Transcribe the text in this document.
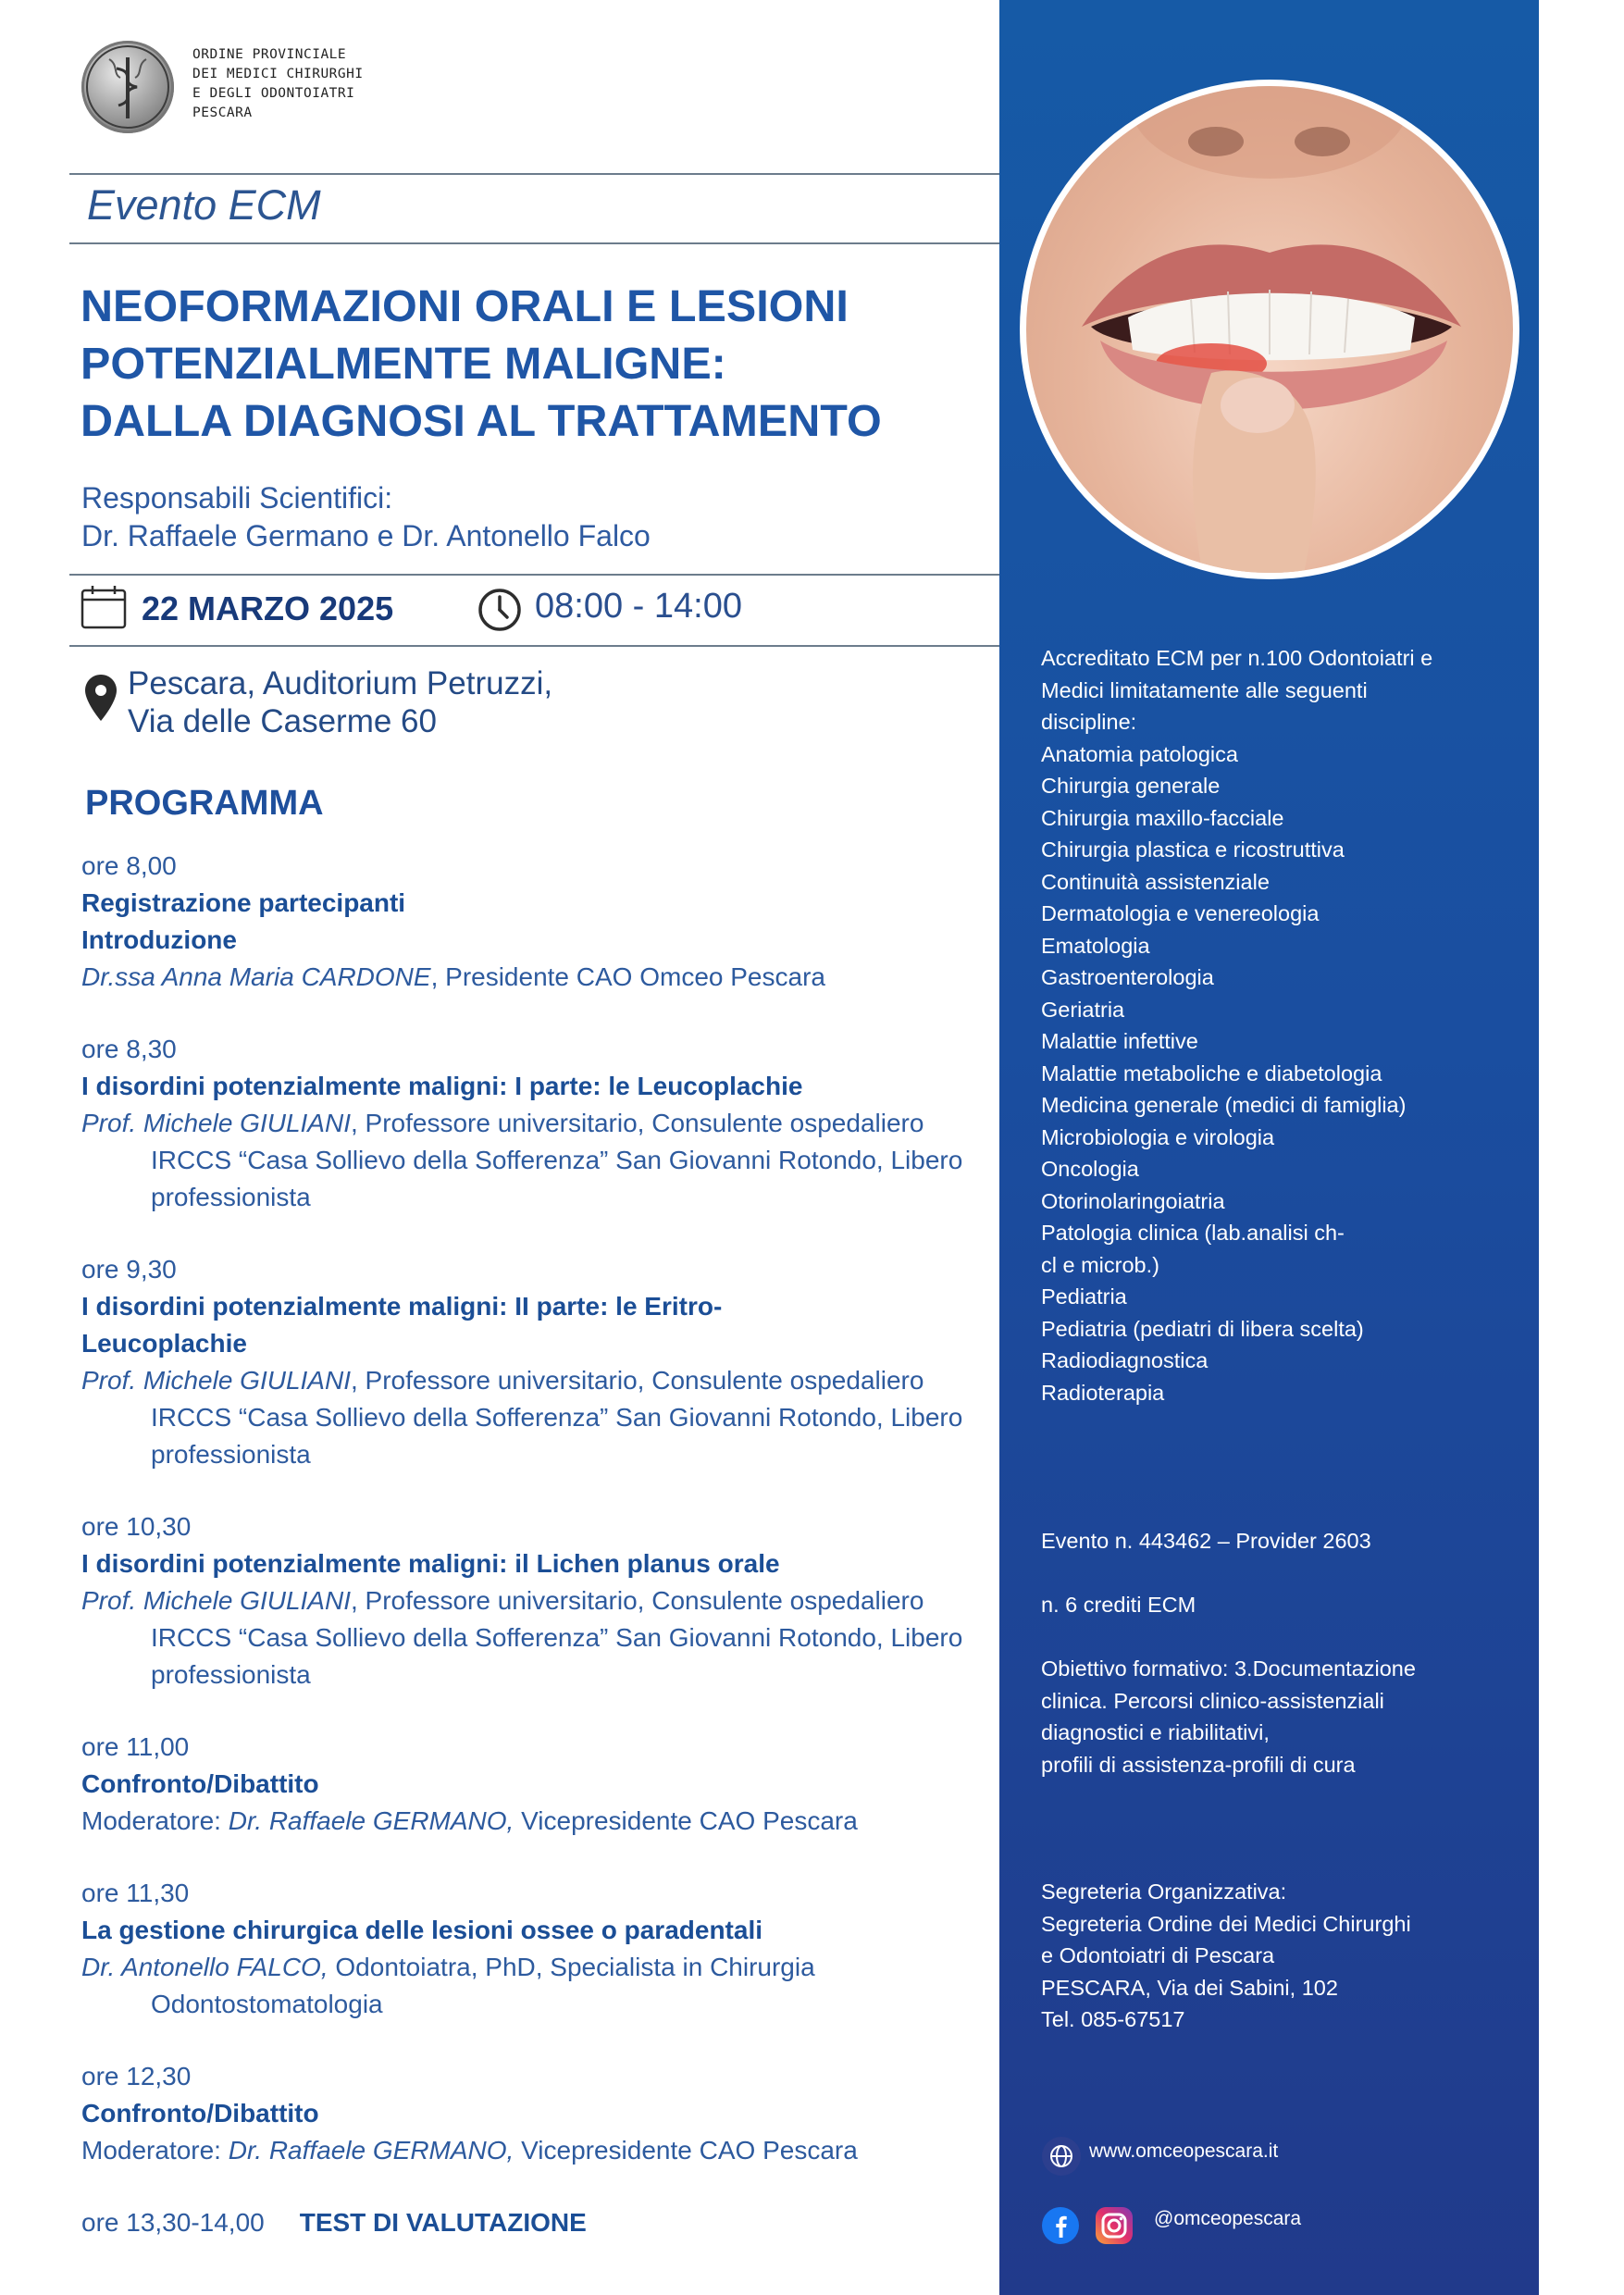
ORDINE PROVINCIALE
DEI MEDICI CHIRURGHI
E DEGLI ODONTOIATRI
PESCARA
Evento ECM
NEOFORMAZIONI ORALI E LESIONI
POTENZIALMENTE MALIGNE:
DALLA DIAGNOSI AL TRATTAMENTO
Responsabili Scientifici:
Dr. Raffaele Germano e Dr. Antonello Falco
22 MARZO 2025	08:00 - 14:00
Pescara, Auditorium Petruzzi,
Via delle Caserme 60
PROGRAMMA
ore 8,00
Registrazione partecipanti
Introduzione
Dr.ssa Anna Maria CARDONE, Presidente CAO Omceo Pescara
ore 8,30
I disordini potenzialmente maligni: I parte: le Leucoplachie
Prof. Michele GIULIANI, Professore universitario, Consulente ospedaliero IRCCS “Casa Sollievo della Sofferenza” San Giovanni Rotondo, Libero professionista
ore 9,30
I disordini potenzialmente maligni: II parte: le Eritro-Leucoplachie
Prof. Michele GIULIANI, Professore universitario, Consulente ospedaliero IRCCS “Casa Sollievo della Sofferenza” San Giovanni Rotondo, Libero professionista
ore 10,30
I disordini potenzialmente maligni: il Lichen planus orale
Prof. Michele GIULIANI, Professore universitario, Consulente ospedaliero IRCCS “Casa Sollievo della Sofferenza” San Giovanni Rotondo, Libero professionista
ore 11,00
Confronto/Dibattito
Moderatore: Dr. Raffaele GERMANO, Vicepresidente CAO Pescara
ore 11,30
La gestione chirurgica delle lesioni ossee o paradentali
Dr. Antonello FALCO, Odontoiatra, PhD, Specialista in Chirurgia Odontostomatologia
ore 12,30
Confronto/Dibattito
Moderatore: Dr. Raffaele GERMANO, Vicepresidente CAO Pescara
ore 13,30-14,00 TEST DI VALUTAZIONE
Accreditato ECM per n.100 Odontoiatri e
Medici limitatamente alle seguenti
discipline:
Anatomia patologica
Chirurgia generale
Chirurgia maxillo-facciale
Chirurgia plastica e ricostruttiva
Continuità assistenziale
Dermatologia e venereologia
Ematologia
Gastroenterologia
Geriatria
Malattie infettive
Malattie metaboliche e diabetologia
Medicina generale (medici di famiglia)
Microbiologia e virologia
Oncologia
Otorinolaringoiatria
Patologia clinica (lab.analisi ch-
cl e microb.)
Pediatria
Pediatria (pediatri di libera scelta)
Radiodiagnostica
Radioterapia
Evento n. 443462 – Provider 2603
n. 6 crediti ECM
Obiettivo formativo: 3.Documentazione
clinica. Percorsi clinico-assistenziali
diagnostici e riabilitativi,
profili di assistenza-profili di cura
Segreteria Organizzativa:
Segreteria Ordine dei Medici Chirurghi
e Odontoiatri di Pescara
PESCARA, Via dei Sabini, 102
Tel. 085-67517
www.omceopescara.it
@omceopescara
